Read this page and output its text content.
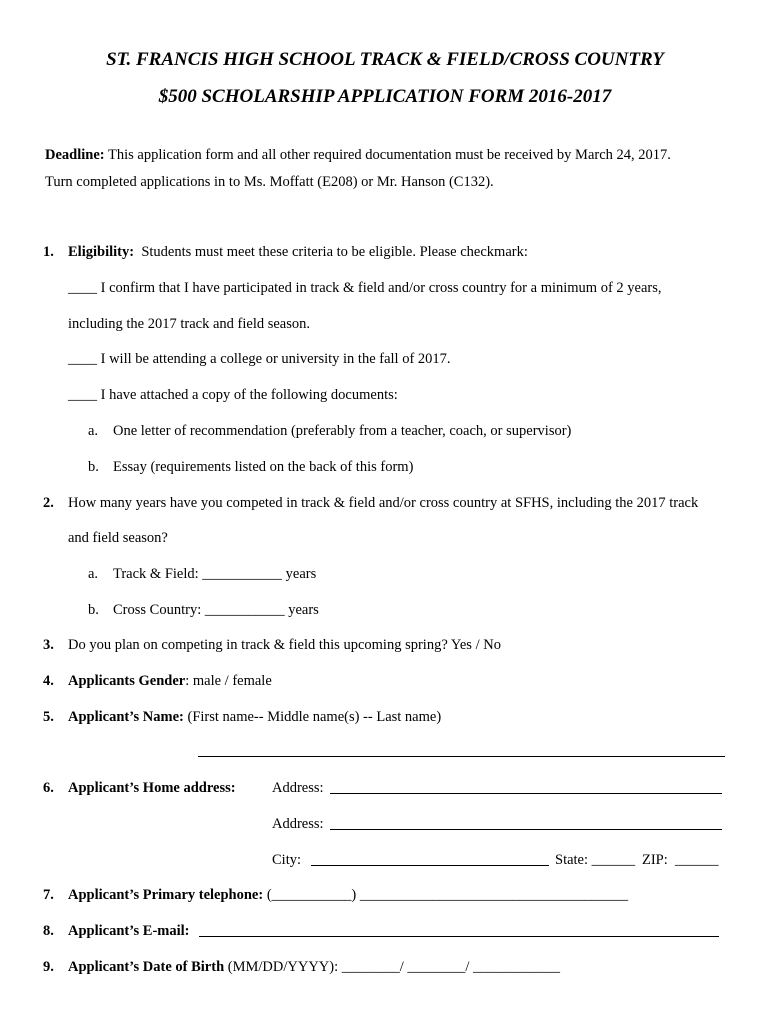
ST. FRANCIS HIGH SCHOOL TRACK & FIELD/CROSS COUNTRY
$500 SCHOLARSHIP APPLICATION FORM 2016-2017
Deadline: This application form and all other required documentation must be received by March 24, 2017.
Turn completed applications in to Ms. Moffatt (E208) or Mr. Hanson (C132).
1. Eligibility: Students must meet these criteria to be eligible. Please checkmark:
____ I confirm that I have participated in track & field and/or cross country for a minimum of 2 years,
including the 2017 track and field season.
____ I will be attending a college or university in the fall of 2017.
____ I have attached a copy of the following documents:
a. One letter of recommendation (preferably from a teacher, coach, or supervisor)
b. Essay (requirements listed on the back of this form)
2. How many years have you competed in track & field and/or cross country at SFHS, including the 2017 track
and field season?
a. Track & Field: ___________ years
b. Cross Country: ___________ years
3. Do you plan on competing in track & field this upcoming spring? Yes / No
4. Applicants Gender: male / female
5. Applicant’s Name: (First name-- Middle name(s) -- Last name)
6. Applicant’s Home address:	Address:
Address:
City:	State: ______ ZIP: ______
7. Applicant’s Primary telephone: (___________) _____________________________________
8. Applicant’s E-mail:
9. Applicant’s Date of Birth (MM/DD/YYYY): ________/ ________/ ____________
